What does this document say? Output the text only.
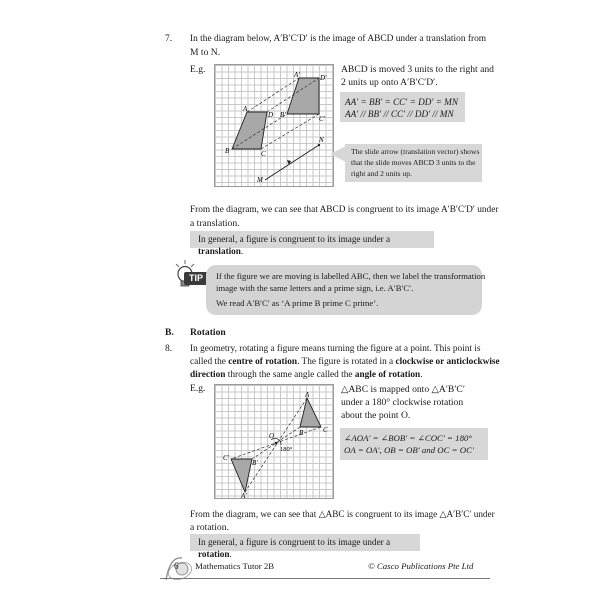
7. In the diagram below, A′B′C′D′ is the image of ABCD under a translation from
M to N.
E.g.
A
B	C
D
A′
B′	C′
D′
M
N
ABCD is moved 3 units to the right and
2 units up onto A′B′C′D′.
AA′ = BB′ = CC′ = DD′ = MN
AA′ // BB′ // CC′ // DD′ // MN
The slide arrow (translation vector) shows
that the slide moves ABCD 3 units to the
right and 2 units up.
From the diagram, we can see that ABCD is congruent to its image A′B′C′D′ under
a translation.
In general, a figure is congruent to its image under a translation.
TIP	If the figure we are moving is labelled ABC, then we label the transformation
image with the same letters and a prime sign, i.e. A′B′C′.
We read A′B′C′ as ‘A prime B prime C prime’.
B. Rotation
8. In geometry, rotating a figure means turning the figure at a point. This point is
called the centre of rotation. The figure is rotated in a clockwise or anticlockwise
direction through the same angle called the angle of rotation.
E.g.
A
B	C
A′
B′
C′
O
180°
△ABC is mapped onto △A′B′C′
under a 180° clockwise rotation
about the point O.
∠AOA′ = ∠BOB′ = ∠COC′ = 180°
OA = OA′, OB = OB′ and OC = OC′
From the diagram, we can see that △ABC is congruent to its image △A′B′C′ under
a rotation.
In general, a figure is congruent to its image under a rotation.
6 Mathematics Tutor 2B	© Casco Publications Pte Ltd
